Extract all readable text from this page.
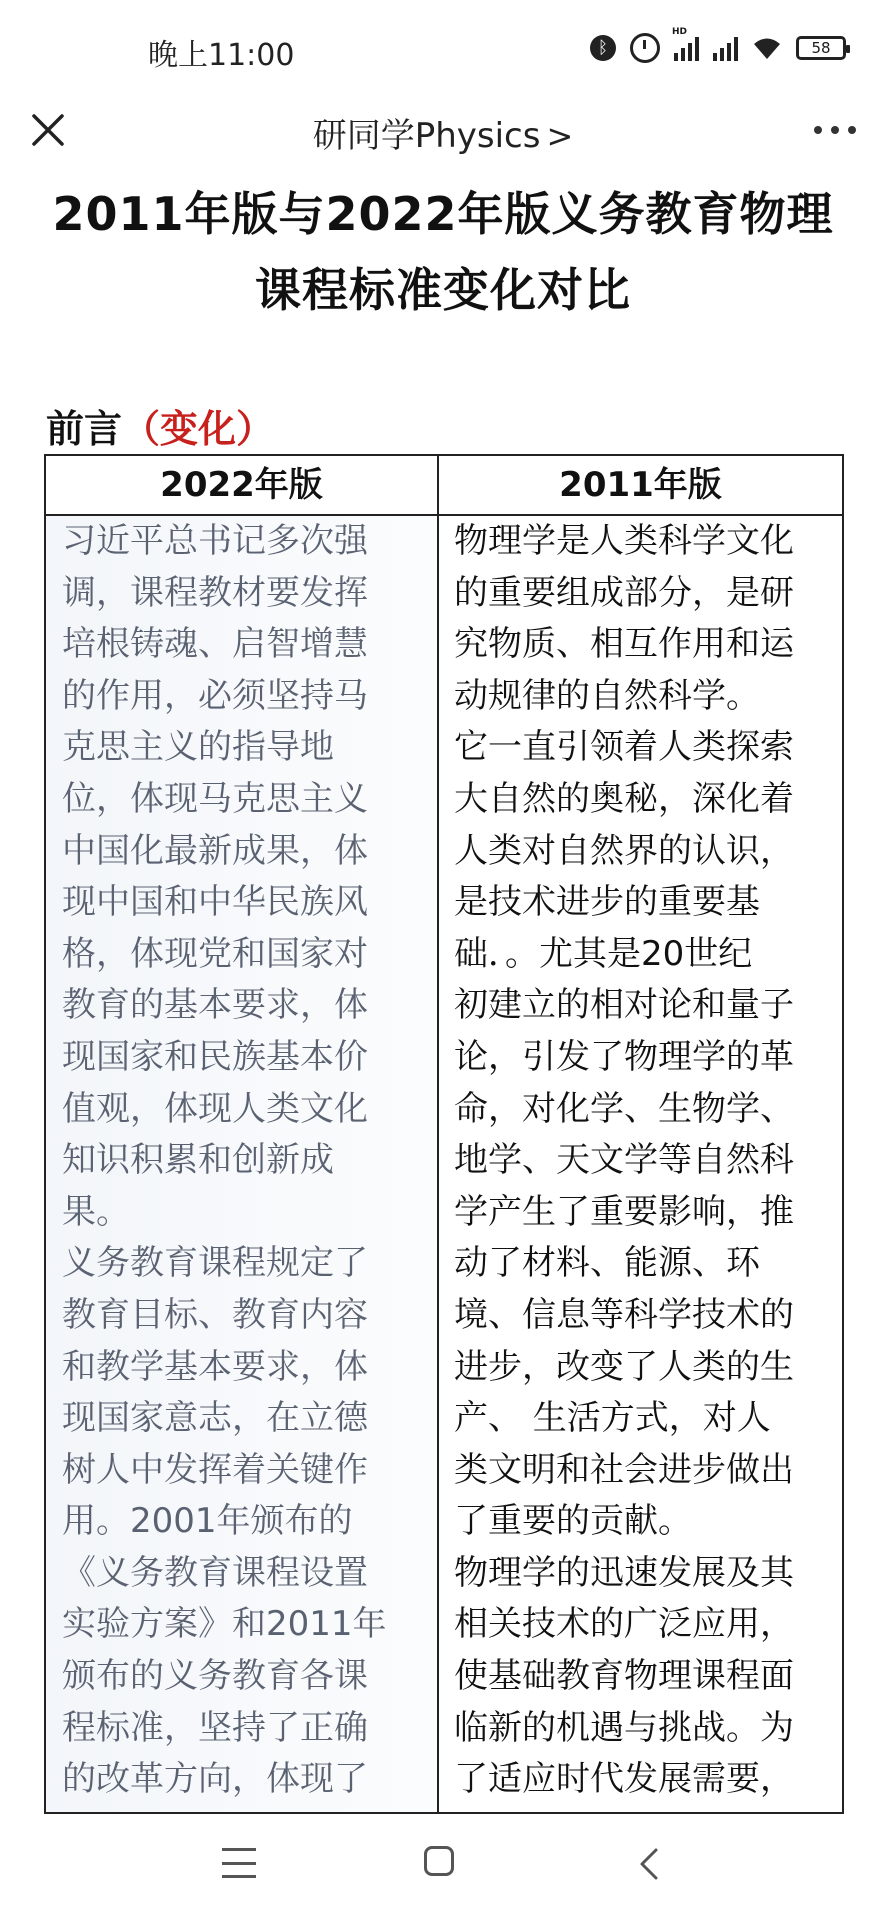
晚上11:00	ᛒ
HD
58
研同学Physics >
2011年版与2022年版义务教育物理
课程标准变化对比
前言（变化）
习近平总书记多次强
调，课程教材要发挥
培根铸魂、启智增慧
的作用，必须坚持马
克思主义的指导地
位，体现马克思主义
中国化最新成果，体
现中国和中华民族风
格，体现党和国家对
教育的基本要求，体
现国家和民族基本价
值观，体现人类文化
知识积累和创新成
果。
义务教育课程规定了
教育目标、教育内容
和教学基本要求，体
现国家意志，在立德
树人中发挥着关键作
用。2001年颁布的
《义务教育课程设置
实验方案》和2011年
颁布的义务教育各课
程标准，坚持了正确
的改革方向，体现了
物理学是人类科学文化
的重要组成部分，是研
究物质、相互作用和运
动规律的自然科学。
它一直引领着人类探索
大自然的奥秘，深化着
人类对自然界的认识，
是技术进步的重要基
础．。尤其是20世纪
初建立的相对论和量子
论，引发了物理学的革
命，对化学、生物学、
地学、天文学等自然科
学产生了重要影响，推
动了材料、能源、环
境、信息等科学技术的
进步，改变了人类的生
产、 生活方式，对人
类文明和社会进步做出
了重要的贡献。
物理学的迅速发展及其
相关技术的广泛应用，
使基础教育物理课程面
临新的机遇与挑战。为
了适应时代发展需要，
2022年版	2011年版
